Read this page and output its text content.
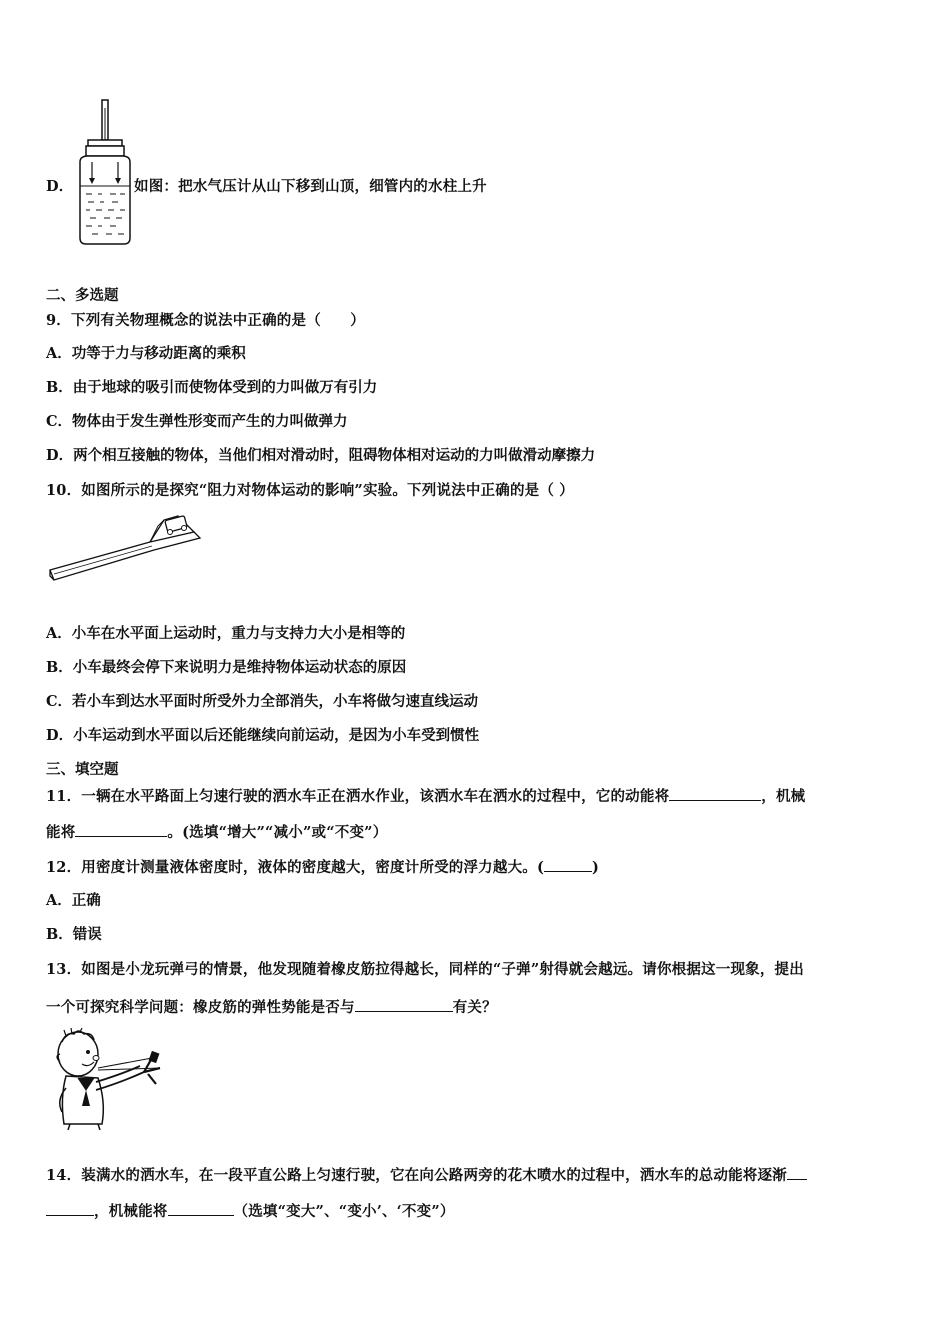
D．	如图：把水气压计从山下移到山顶，细管内的水柱上升
二、多选题
9．下列有关物理概念的说法中正确的是（　　）
A．功等于力与移动距离的乘积
B．由于地球的吸引而使物体受到的力叫做万有引力
C．物体由于发生弹性形变而产生的力叫做弹力
D．两个相互接触的物体，当他们相对滑动时，阻碍物体相对运动的力叫做滑动摩擦力
10．如图所示的是探究“阻力对物体运动的影响”实验。下列说法中正确的是（ ）
A．小车在水平面上运动时，重力与支持力大小是相等的
B．小车最终会停下来说明力是维持物体运动状态的原因
C．若小车到达水平面时所受外力全部消失，小车将做匀速直线运动
D．小车运动到水平面以后还能继续向前运动，是因为小车受到惯性
三、填空题
11．一辆在水平路面上匀速行驶的洒水车正在洒水作业，该洒水车在洒水的过程中，它的动能将	，机械
能将	。(选填“增大”“减小”或“不变”）
12．用密度计测量液体密度时，液体的密度越大，密度计所受的浮力越大。(	)
A．正确
B．错误
13．如图是小龙玩弹弓的情景，他发现随着橡皮筋拉得越长，同样的“子弹”射得就会越远。请你根据这一现象，提出
一个可探究科学问题：橡皮筋的弹性势能是否与	有关？
14．装满水的洒水车，在一段平直公路上匀速行驶，它在向公路两旁的花木喷水的过程中，洒水车的总动能将逐渐
，机械能将	（选填“变大”、“变小’、‘不变”）
